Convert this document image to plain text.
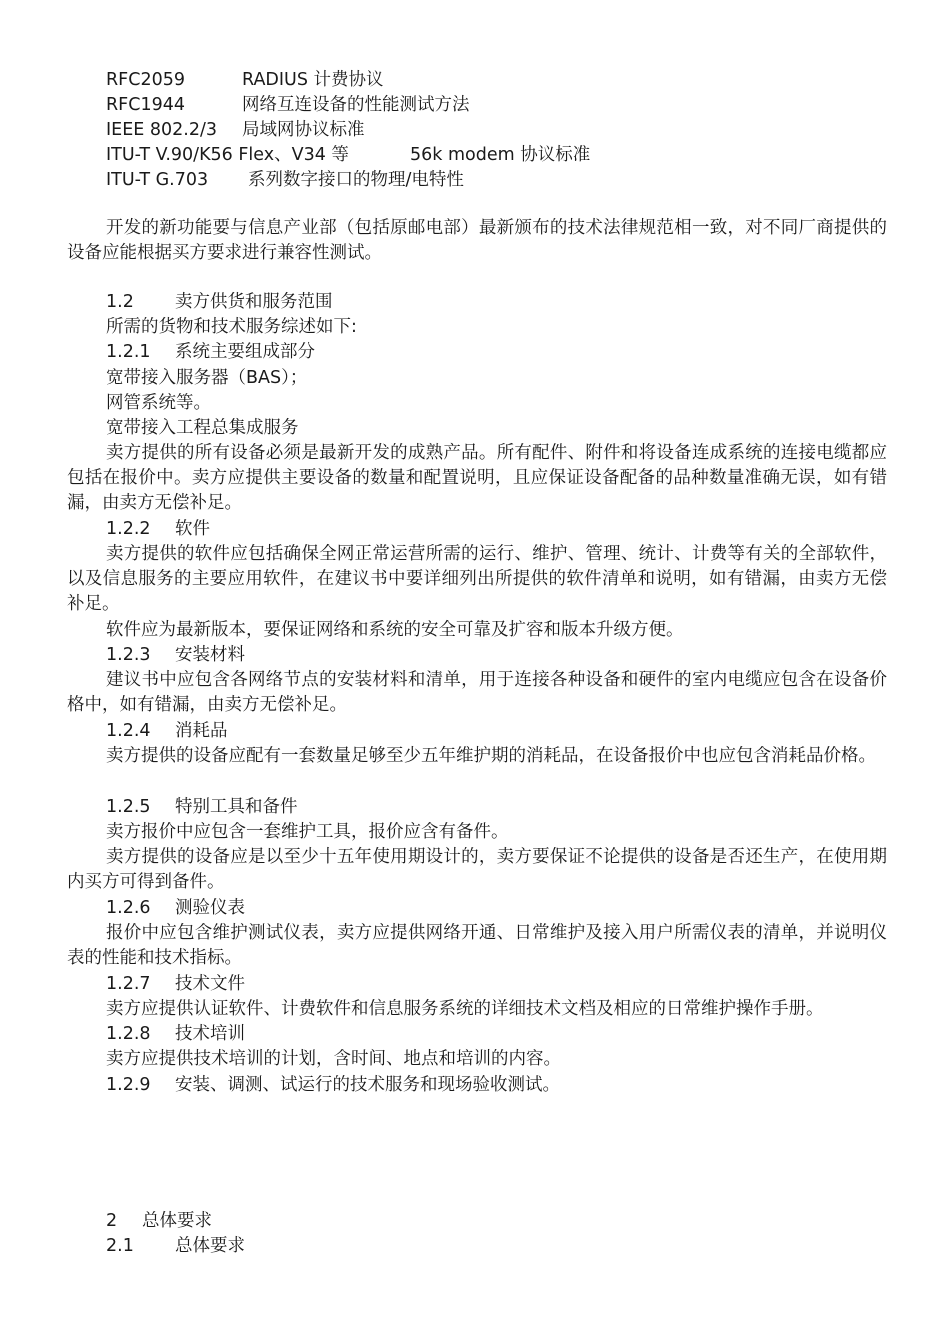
RFC2059	RADIUS 计费协议
RFC1944	网络互连设备的性能测试方法
IEEE 802.2/3 局域网协议标准
ITU-T V.90/K56 Flex、V34 等	56k modem 协议标准
ITU-T G.703 系列数字接口的物理/电特性
开发的新功能要与信息产业部（包括原邮电部）最新颁布的技术法律规范相一致，对不同厂商提供的设备应能根据买方要求进行兼容性测试。
1.2 卖方供货和服务范围
所需的货物和技术服务综述如下:
1.2.1 系统主要组成部分
宽带接入服务器（BAS）；
网管系统等。
宽带接入工程总集成服务
卖方提供的所有设备必须是最新开发的成熟产品。所有配件、附件和将设备连成系统的连接电缆都应包括在报价中。卖方应提供主要设备的数量和配置说明，且应保证设备配备的品种数量准确无误，如有错漏，由卖方无偿补足。
1.2.2 软件
卖方提供的软件应包括确保全网正常运营所需的运行、维护、管理、统计、计费等有关的全部软件，以及信息服务的主要应用软件，在建议书中要详细列出所提供的软件清单和说明，如有错漏，由卖方无偿补足。
软件应为最新版本，要保证网络和系统的安全可靠及扩容和版本升级方便。
1.2.3 安装材料
建议书中应包含各网络节点的安装材料和清单，用于连接各种设备和硬件的室内电缆应包含在设备价格中，如有错漏，由卖方无偿补足。
1.2.4 消耗品
卖方提供的设备应配有一套数量足够至少五年维护期的消耗品，在设备报价中也应包含消耗品价格。
1.2.5 特别工具和备件
卖方报价中应包含一套维护工具，报价应含有备件。
卖方提供的设备应是以至少十五年使用期设计的，卖方要保证不论提供的设备是否还生产，在使用期内买方可得到备件。
1.2.6 测验仪表
报价中应包含维护测试仪表，卖方应提供网络开通、日常维护及接入用户所需仪表的清单，并说明仪表的性能和技术指标。
1.2.7 技术文件
卖方应提供认证软件、计费软件和信息服务系统的详细技术文档及相应的日常维护操作手册。
1.2.8 技术培训
卖方应提供技术培训的计划，含时间、地点和培训的内容。
1.2.9 安装、调测、试运行的技术服务和现场验收测试。
2 总体要求
2.1 总体要求
